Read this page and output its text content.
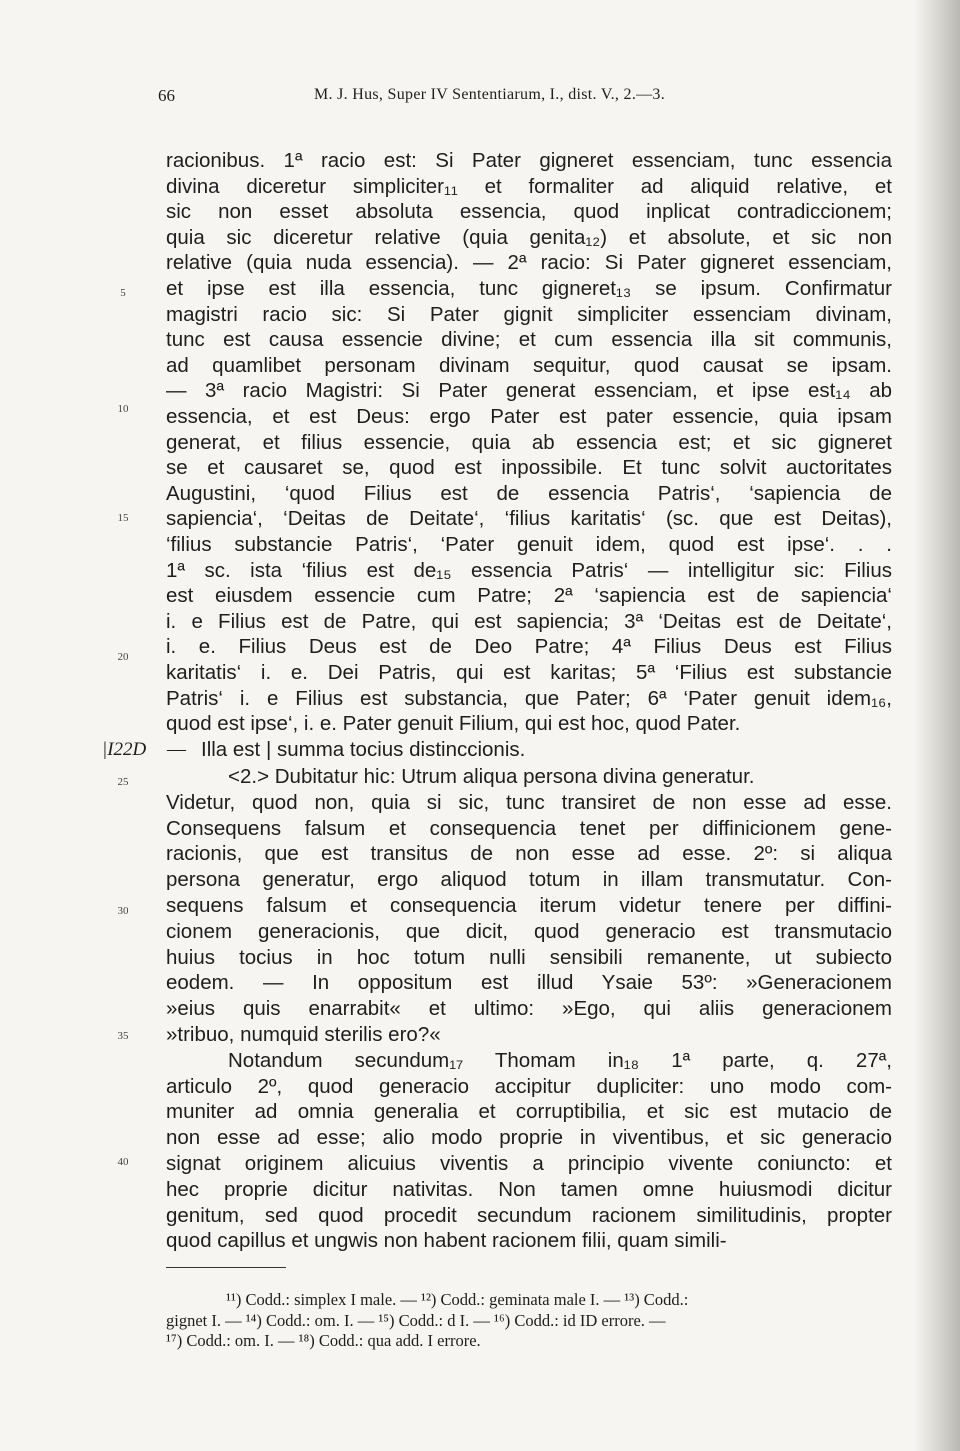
66	M. J. Hus, Super IV Sententiarum, I., dist. V., 2.—3.
racionibus. 1ª racio est: Si Pater gigneret essenciam, tunc essencia
divina diceretur simpliciter₁₁ et formaliter ad aliquid relative, et
sic non esset absoluta essencia, quod inplicat contradiccionem;
quia sic diceretur relative (quia genita₁₂) et absolute, et sic non
relative (quia nuda essencia). — 2ª racio: Si Pater gigneret essenciam,
et ipse est illa essencia, tunc gigneret₁₃ se ipsum. Confirmatur
magistri racio sic: Si Pater gignit simpliciter essenciam divinam,
tunc est causa essencie divine; et cum essencia illa sit communis,
ad quamlibet personam divinam sequitur, quod causat se ipsam.
— 3ª racio Magistri: Si Pater generat essenciam, et ipse est₁₄ ab
essencia, et est Deus: ergo Pater est pater essencie, quia ipsam
generat, et filius essencie, quia ab essencia est; et sic gigneret
se et causaret se, quod est inpossibile. Et tunc solvit auctoritates
Augustini, ‘quod Filius est de essencia Patris‘, ‘sapiencia de
sapiencia‘, ‘Deitas de Deitate‘, ‘filius karitatis‘ (sc. que est Deitas),
‘filius substancie Patris‘, ‘Pater genuit idem, quod est ipse‘. . .
1ª sc. ista ‘filius est de₁₅ essencia Patris‘ — intelligitur sic: Filius
est eiusdem essencie cum Patre; 2ª ‘sapiencia est de sapiencia‘
i. e Filius est de Patre, qui est sapiencia; 3ª ‘Deitas est de Deitate‘,
i. e. Filius Deus est de Deo Patre; 4ª Filius Deus est Filius
karitatis‘ i. e. Dei Patris, qui est karitas; 5ª ‘Filius est substancie
Patris‘ i. e Filius est substancia, que Pater; 6ª ‘Pater genuit idem₁₆,
quod est ipse‘, i. e. Pater genuit Filium, qui est hoc, quod Pater.
Illa est | summa tocius distinccionis.
<2.> Dubitatur hic: Utrum aliqua persona divina generatur.
Videtur, quod non, quia si sic, tunc transiret de non esse ad esse.
Consequens falsum et consequencia tenet per diffinicionem gene-
racionis, que est transitus de non esse ad esse. 2º: si aliqua
persona generatur, ergo aliquod totum in illam transmutatur. Con-
sequens falsum et consequencia iterum videtur tenere per diffini-
cionem generacionis, que dicit, quod generacio est transmutacio
huius tocius in hoc totum nulli sensibili remanente, ut subiecto
eodem. — In oppositum est illud Ysaie 53º: »Generacionem
»eius quis enarrabit« et ultimo: »Ego, qui aliis generacionem
»tribuo, numquid sterilis ero?«
Notandum secundum₁₇ Thomam in₁₈ 1ª parte, q. 27ª,
articulo 2º, quod generacio accipitur dupliciter: uno modo com-
muniter ad omnia generalia et corruptibilia, et sic est mutacio de
non esse ad esse; alio modo proprie in viventibus, et sic generacio
signat originem alicuius viventis a principio vivente coniuncto: et
hec proprie dicitur nativitas. Non tamen omne huiusmodi dicitur
genitum, sed quod procedit secundum racionem similitudinis, propter
quod capillus et ungwis non habent racionem filii, quam simili-
5
10
15
20
25
30
35
40
|I22D —
¹¹) Codd.: simplex I male. — ¹²) Codd.: geminata male I. — ¹³) Codd.:
gignet I. — ¹⁴) Codd.: om. I. — ¹⁵) Codd.: d I. — ¹⁶) Codd.: id ID errore. —
¹⁷) Codd.: om. I. — ¹⁸) Codd.: qua add. I errore.
